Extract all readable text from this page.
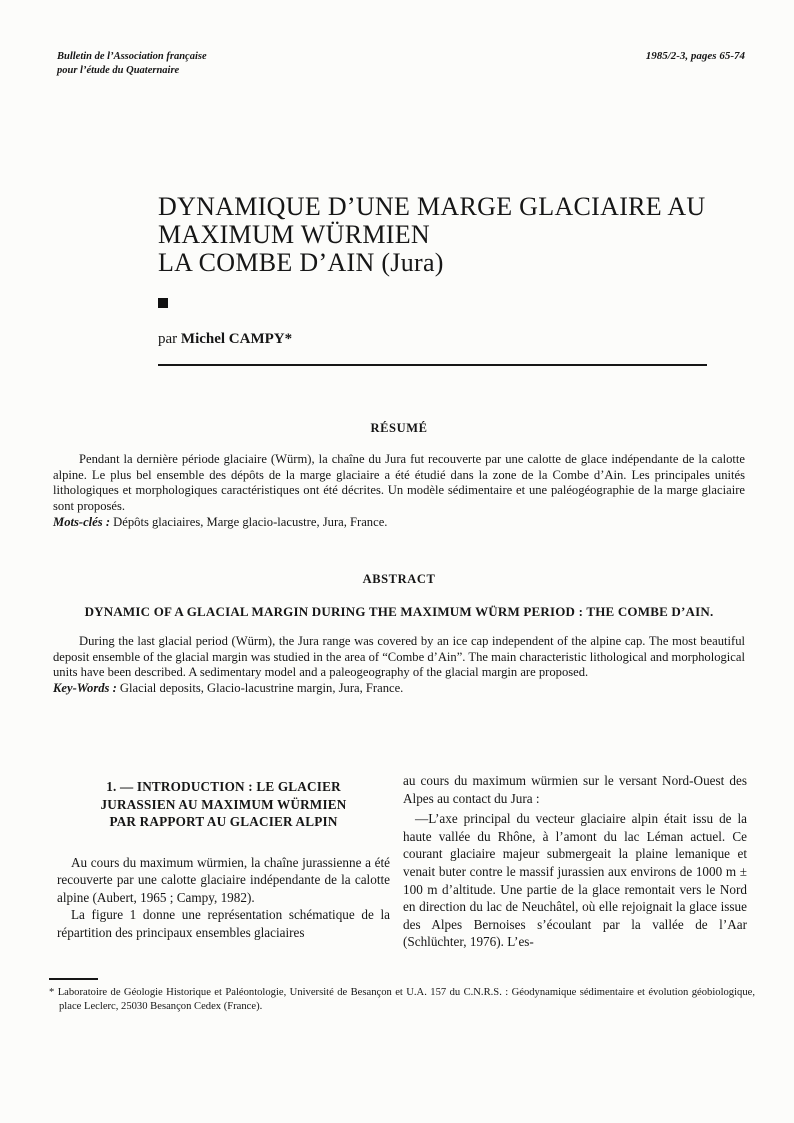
Bulletin de l’Association française
pour l’étude du Quaternaire
1985/2-3, pages 65-74
DYNAMIQUE D’UNE MARGE GLACIAIRE AU
MAXIMUM WÜRMIEN
LA COMBE D’AIN (Jura)
par Michel CAMPY*
RÉSUMÉ

Pendant la dernière période glaciaire (Würm), la chaîne du Jura fut recouverte par une calotte de glace indépendante de la calotte alpine. Le plus bel ensemble des dépôts de la marge glaciaire a été étudié dans la zone de la Combe d’Ain. Les principales unités lithologiques et morphologiques caractéristiques ont été décrites. Un modèle sédimentaire et une paléogéographie de la marge glaciaire sont proposés.

Mots-clés : Dépôts glaciaires, Marge glacio-lacustre, Jura, France.

ABSTRACT
DYNAMIC OF A GLACIAL MARGIN DURING THE MAXIMUM WÜRM PERIOD : THE COMBE D’AIN.

During the last glacial period (Würm), the Jura range was covered by an ice cap independent of the alpine cap. The most beautiful deposit ensemble of the glacial margin was studied in the area of “Combe d’Ain”. The main characteristic lithological and morphological units have been described. A sedimentary model and a paleogeography of the glacial margin are proposed.

Key-Words : Glacial deposits, Glacio-lacustrine margin, Jura, France.

1. — INTRODUCTION : LE GLACIER
JURASSIEN AU MAXIMUM WÜRMIEN
PAR RAPPORT AU GLACIER ALPIN

Au cours du maximum würmien, la chaîne jurassienne a été recouverte par une calotte glaciaire indépendante de la calotte alpine (Aubert, 1965 ; Campy, 1982).

La figure 1 donne une représentation schématique de la répartition des principaux ensembles glaciaires

au cours du maximum würmien sur le versant Nord-Ouest des Alpes au contact du Jura :

—L’axe principal du vecteur glaciaire alpin était issu de la haute vallée du Rhône, à l’amont du lac Léman actuel. Ce courant glaciaire majeur submergeait la plaine lemanique et venait buter contre le massif jurassien aux environs de 1000 m ± 100 m d’altitude. Une partie de la glace remontait vers le Nord en direction du lac de Neuchâtel, où elle rejoignait la glace issue des Alpes Bernoises s’écoulant par la vallée de l’Aar (Schlüchter, 1976). L’es-

* Laboratoire de Géologie Historique et Paléontologie, Université de Besançon et U.A. 157 du C.N.R.S. : Géodynamique sédimentaire et évolution géobiologique, place Leclerc, 25030 Besançon Cedex (France).
